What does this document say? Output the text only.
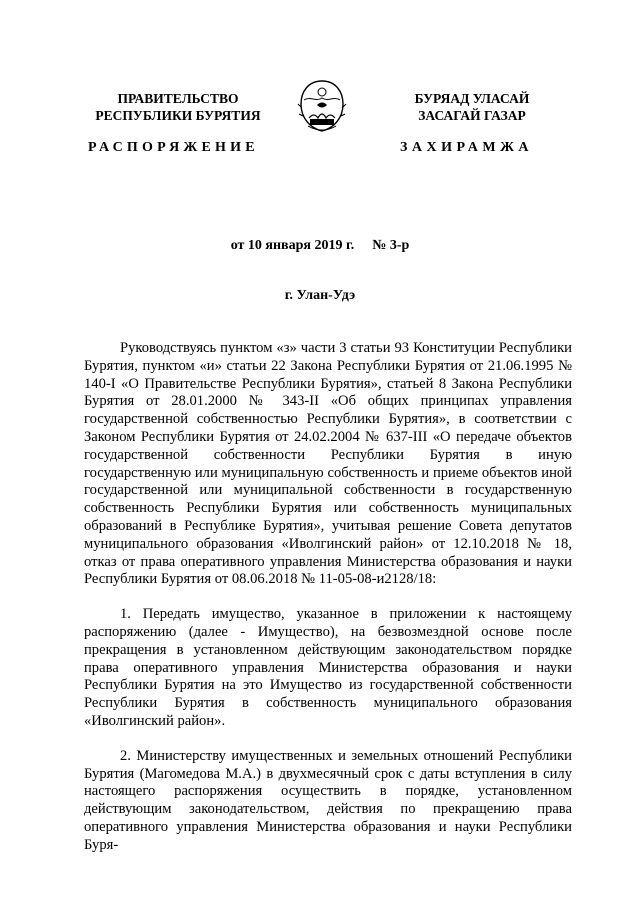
ПРАВИТЕЛЬСТВО
РЕСПУБЛИКИ БУРЯТИЯ
БУРЯАД УЛАСАЙ
ЗАСАГАЙ ГАЗАР
РАСПОРЯЖЕНИЕ	ЗАХИРАМЖА
от 10 января 2019 г. № 3-р
г. Улан-Удэ

Руководствуясь пунктом «з» части 3 статьи 93 Конституции Республики Бурятия, пунктом «и» статьи 22 Закона Республики Бурятия от 21.06.1995 № 140-I «О Правительстве Республики Бурятия», статьей 8 Закона Республики Бурятия от 28.01.2000 № 343-II «Об общих принципах управления государственной собственностью Республики Бурятия», в соответствии с Законом Республики Бурятия от 24.02.2004 № 637-III «О передаче объектов государственной собственности Республики Бурятия в иную государственную или муниципальную собственность и приеме объектов иной государственной или муниципальной собственности в государственную собственность Республики Бурятия или собственность муниципальных образований в Республике Бурятия», учитывая решение Совета депутатов муниципального образования «Иволгинский район» от 12.10.2018 № 18, отказ от права оперативного управления Министерства образования и науки Республики Бурятия от 08.06.2018 № 11-05-08-и2128/18:

1. Передать имущество, указанное в приложении к настоящему распоряжению (далее - Имущество), на безвозмездной основе после прекращения в установленном действующим законодательством порядке права оперативного управления Министерства образования и науки Республики Бурятия на это Имущество из государственной собственности Республики Бурятия в собственность муниципального образования «Иволгинский район».

2. Министерству имущественных и земельных отношений Республики Бурятия (Магомедова М.А.) в двухмесячный срок с даты вступления в силу настоящего распоряжения осуществить в порядке, установленном действующим законодательством, действия по прекращению права оперативного управления Министерства образования и науки Республики Буря-
